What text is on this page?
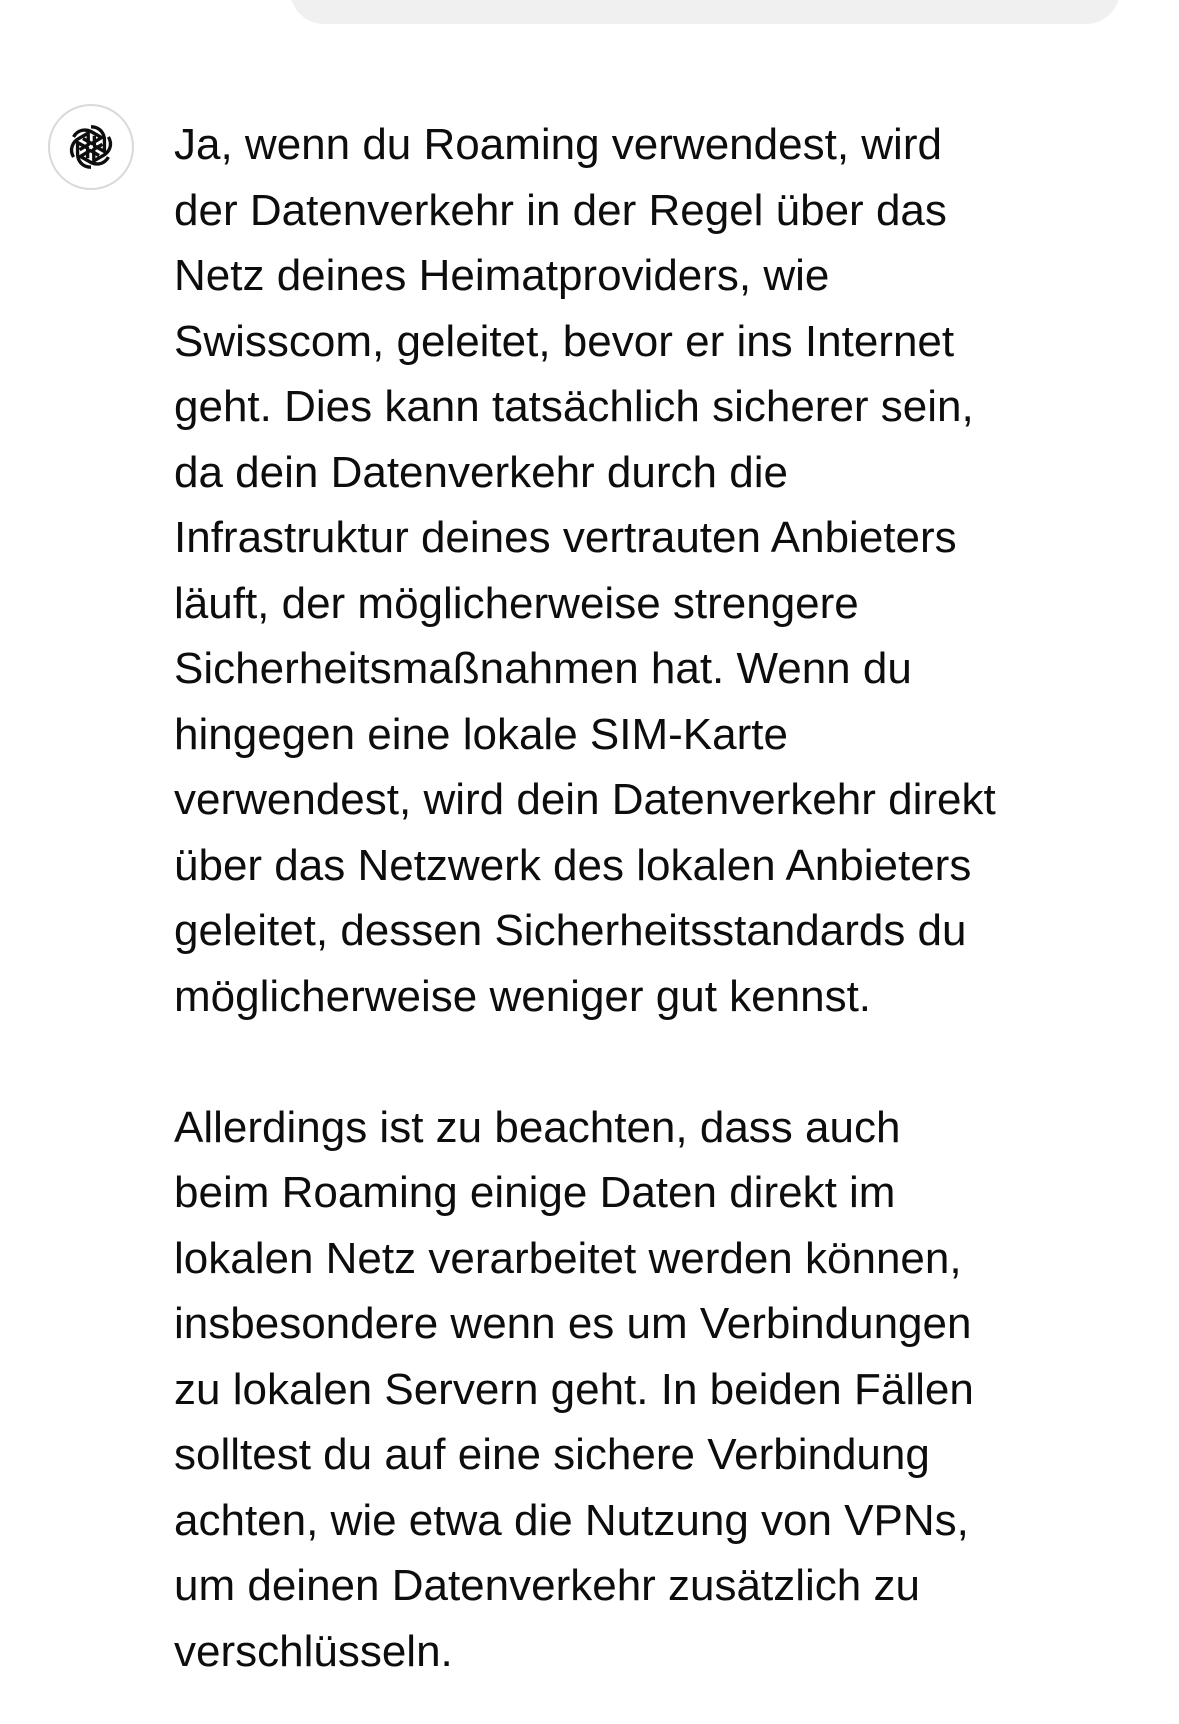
Ja, wenn du Roaming verwendest, wird
der Datenverkehr in der Regel über das
Netz deines Heimatproviders, wie
Swisscom, geleitet, bevor er ins Internet
geht. Dies kann tatsächlich sicherer sein,
da dein Datenverkehr durch die
Infrastruktur deines vertrauten Anbieters
läuft, der möglicherweise strengere
Sicherheitsmaßnahmen hat. Wenn du
hingegen eine lokale SIM-Karte
verwendest, wird dein Datenverkehr direkt
über das Netzwerk des lokalen Anbieters
geleitet, dessen Sicherheitsstandards du
möglicherweise weniger gut kennst.

Allerdings ist zu beachten, dass auch
beim Roaming einige Daten direkt im
lokalen Netz verarbeitet werden können,
insbesondere wenn es um Verbindungen
zu lokalen Servern geht. In beiden Fällen
solltest du auf eine sichere Verbindung
achten, wie etwa die Nutzung von VPNs,
um deinen Datenverkehr zusätzlich zu
verschlüsseln.
